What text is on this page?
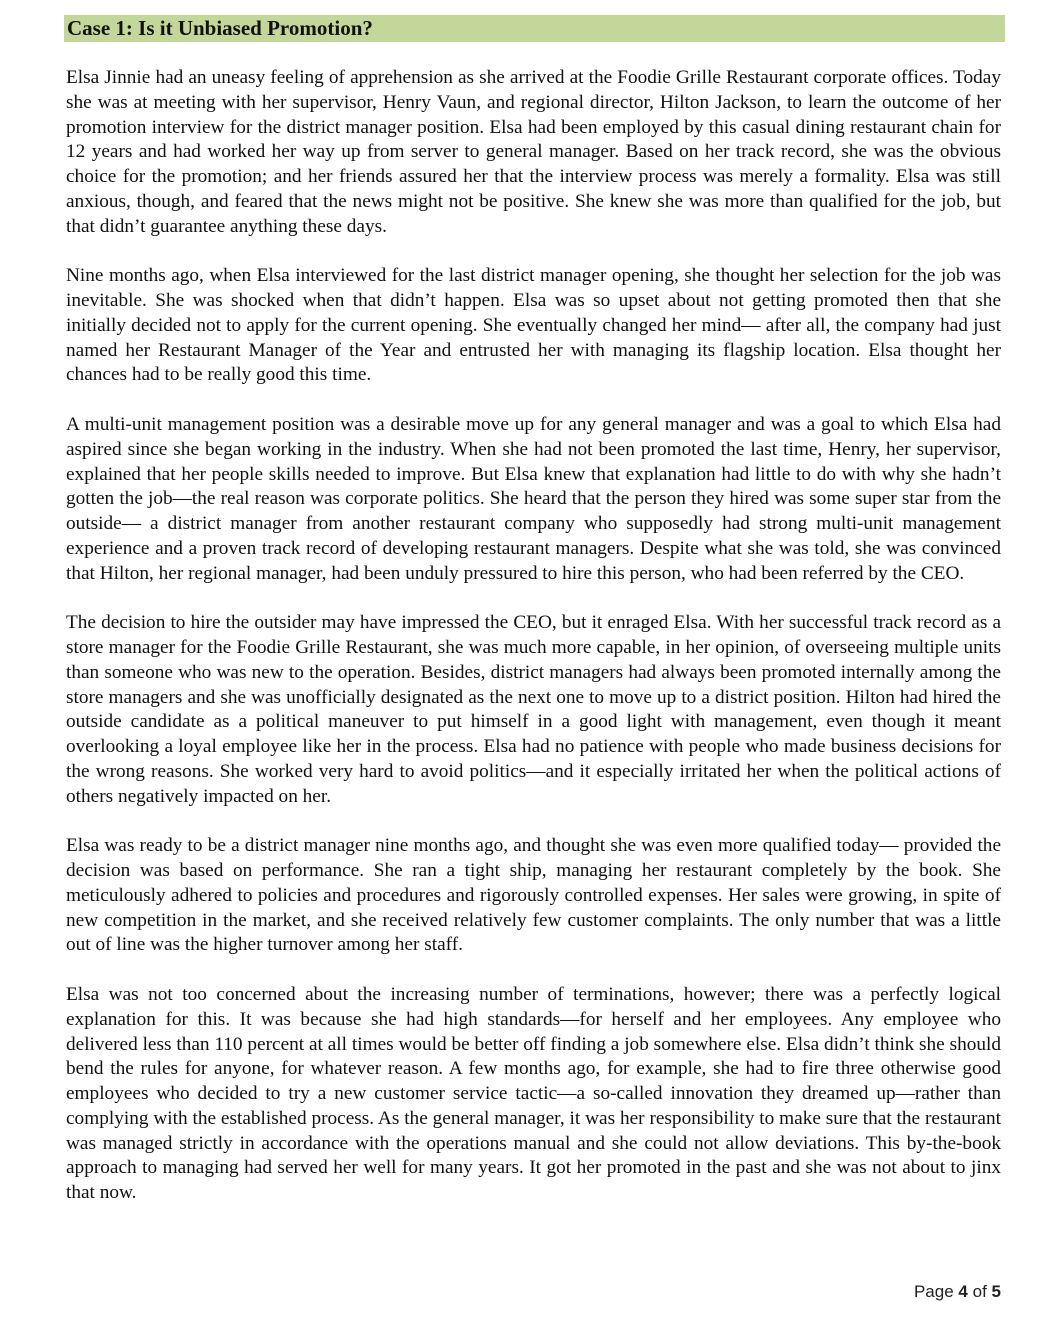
Case 1: Is it Unbiased Promotion?

Elsa Jinnie had an uneasy feeling of apprehension as she arrived at the Foodie Grille Restaurant corporate offices. Today she was at meeting with her supervisor, Henry Vaun, and regional director, Hilton Jackson, to learn the outcome of her promotion interview for the district manager position. Elsa had been employed by this casual dining restaurant chain for 12 years and had worked her way up from server to general manager. Based on her track record, she was the obvious choice for the promotion; and her friends assured her that the interview process was merely a formality. Elsa was still anxious, though, and feared that the news might not be positive. She knew she was more than qualified for the job, but that didn’t guarantee anything these days.

Nine months ago, when Elsa interviewed for the last district manager opening, she thought her selection for the job was inevitable. She was shocked when that didn’t happen. Elsa was so upset about not getting promoted then that she initially decided not to apply for the current opening. She eventually changed her mind— after all, the company had just named her Restaurant Manager of the Year and entrusted her with managing its flagship location. Elsa thought her chances had to be really good this time.

A multi-unit management position was a desirable move up for any general manager and was a goal to which Elsa had aspired since she began working in the industry. When she had not been promoted the last time, Henry, her supervisor, explained that her people skills needed to improve. But Elsa knew that explanation had little to do with why she hadn’t gotten the job—the real reason was corporate politics. She heard that the person they hired was some super star from the outside— a district manager from another restaurant company who supposedly had strong multi-unit management experience and a proven track record of developing restaurant managers. Despite what she was told, she was convinced that Hilton, her regional manager, had been unduly pressured to hire this person, who had been referred by the CEO.

The decision to hire the outsider may have impressed the CEO, but it enraged Elsa. With her successful track record as a store manager for the Foodie Grille Restaurant, she was much more capable, in her opinion, of overseeing multiple units than someone who was new to the operation. Besides, district managers had always been promoted internally among the store managers and she was unofficially designated as the next one to move up to a district position. Hilton had hired the outside candidate as a political maneuver to put himself in a good light with management, even though it meant overlooking a loyal employee like her in the process. Elsa had no patience with people who made business decisions for the wrong reasons. She worked very hard to avoid politics—and it especially irritated her when the political actions of others negatively impacted on her.

Elsa was ready to be a district manager nine months ago, and thought she was even more qualified today— provided the decision was based on performance. She ran a tight ship, managing her restaurant completely by the book. She meticulously adhered to policies and procedures and rigorously controlled expenses. Her sales were growing, in spite of new competition in the market, and she received relatively few customer complaints. The only number that was a little out of line was the higher turnover among her staff.

Elsa was not too concerned about the increasing number of terminations, however; there was a perfectly logical explanation for this. It was because she had high standards—for herself and her employees. Any employee who delivered less than 110 percent at all times would be better off finding a job somewhere else. Elsa didn’t think she should bend the rules for anyone, for whatever reason. A few months ago, for example, she had to fire three otherwise good employees who decided to try a new customer service tactic—a so-called innovation they dreamed up—rather than complying with the established process. As the general manager, it was her responsibility to make sure that the restaurant was managed strictly in accordance with the operations manual and she could not allow deviations. This by-the-book approach to managing had served her well for many years. It got her promoted in the past and she was not about to jinx that now.

Page 4 of 5
